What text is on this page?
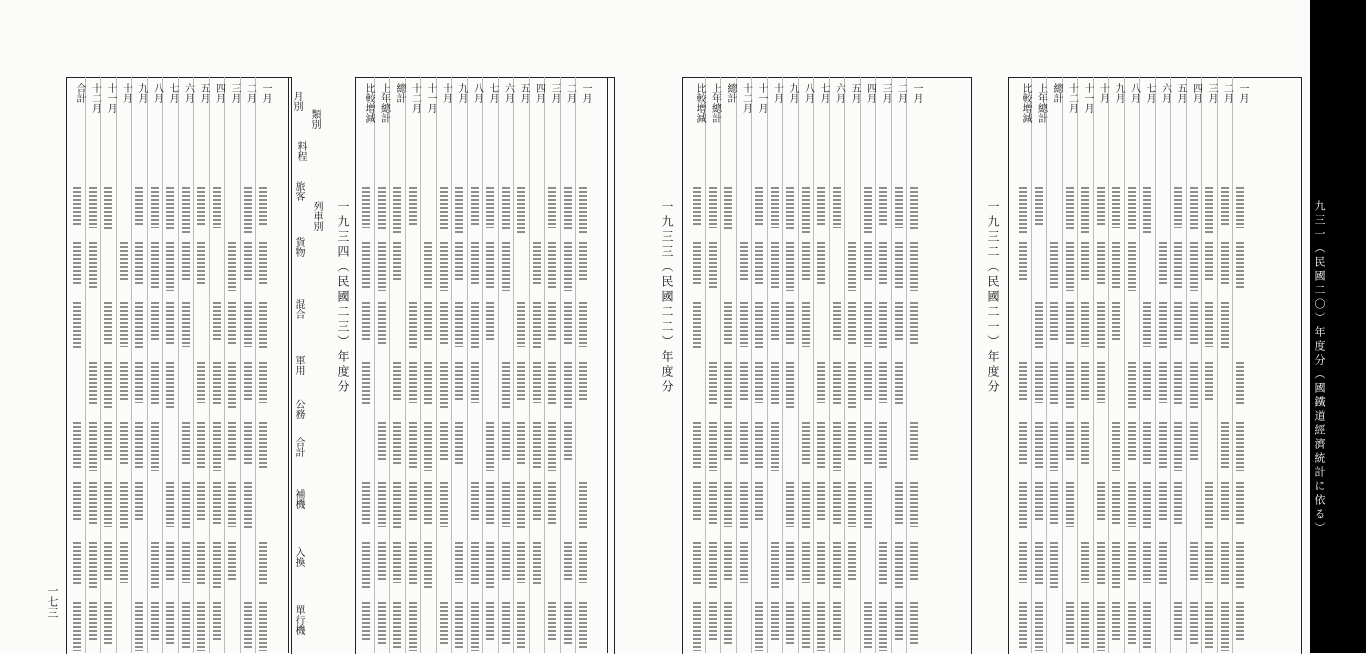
合計 十二月 十一月 十月 九月 八月 七月 六月 五月 四月 三月 二月 一月 月別
類別
料程
旅客
貨物
混合
軍用
公務
合計
補機
入換
單行機
列車別 一九三四（民國二三）年度分
比較增減 上年總計 總計 十二月 十一月 十月 九月 八月 七月 六月 五月 四月 三月 二月 一月
一九三三（民國二二）年度分
比較增減 上年總計 總計 十二月 十一月 十月 九月 八月 七月 六月 五月 四月 三月 二月 一月
一九三二（民國二一）年度分
比較增減 上年總計 總計 十二月 十一月 十月 九月 八月 七月 六月 五月 四月 三月 二月 一月
九三一（民國二〇）年度分（國鐵道經濟統計に依る）
一七三
